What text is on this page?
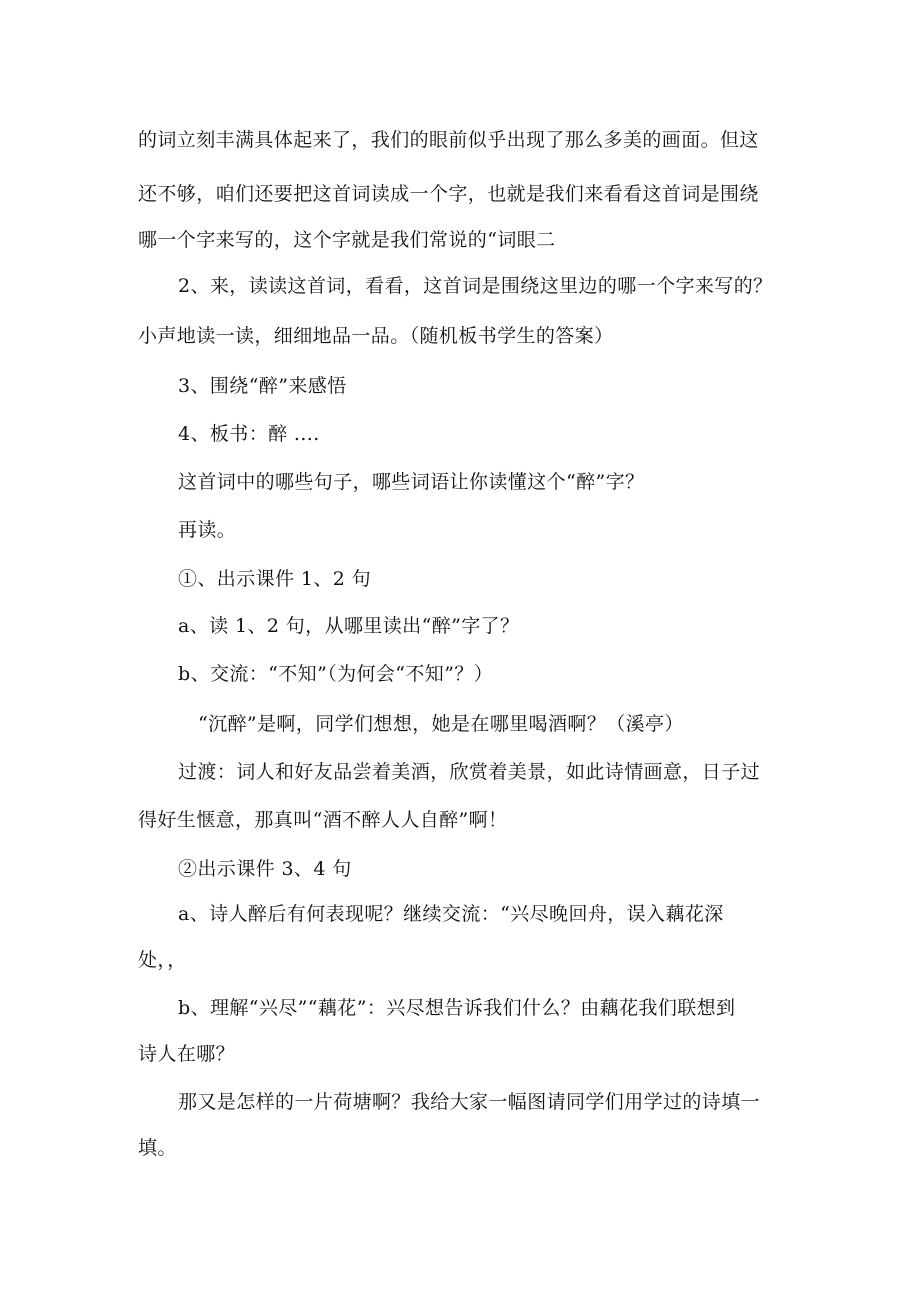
的词立刻丰满具体起来了，我们的眼前似乎出现了那么多美的画面。但这
还不够，咱们还要把这首词读成一个字，也就是我们来看看这首词是围绕
哪一个字来写的，这个字就是我们常说的“词眼二
2、来，读读这首词，看看，这首词是围绕这里边的哪一个字来写的？
小声地读一读，细细地品一品。（随机板书学生的答案）
3、围绕“醉”来感悟
4、板书：醉 ....
这首词中的哪些句子，哪些词语让你读懂这个“醉”字？
再读。
①、出示课件 1、2 句
a、读 1、2 句，从哪里读出“醉”字了？
b、交流：“不知”（为何会“不知”？）
“沉醉”是啊，同学们想想，她是在哪里喝酒啊？（溪亭）
过渡：词人和好友品尝着美酒，欣赏着美景，如此诗情画意，日子过
得好生惬意，那真叫“酒不醉人人自醉”啊！
②出示课件 3、4 句
a、诗人醉后有何表现呢？继续交流：“兴尽晚回舟，误入藕花深
处，，
b、理解“兴尽”“藕花”：兴尽想告诉我们什么？由藕花我们联想到
诗人在哪？
那又是怎样的一片荷塘啊？我给大家一幅图请同学们用学过的诗填一
填。
